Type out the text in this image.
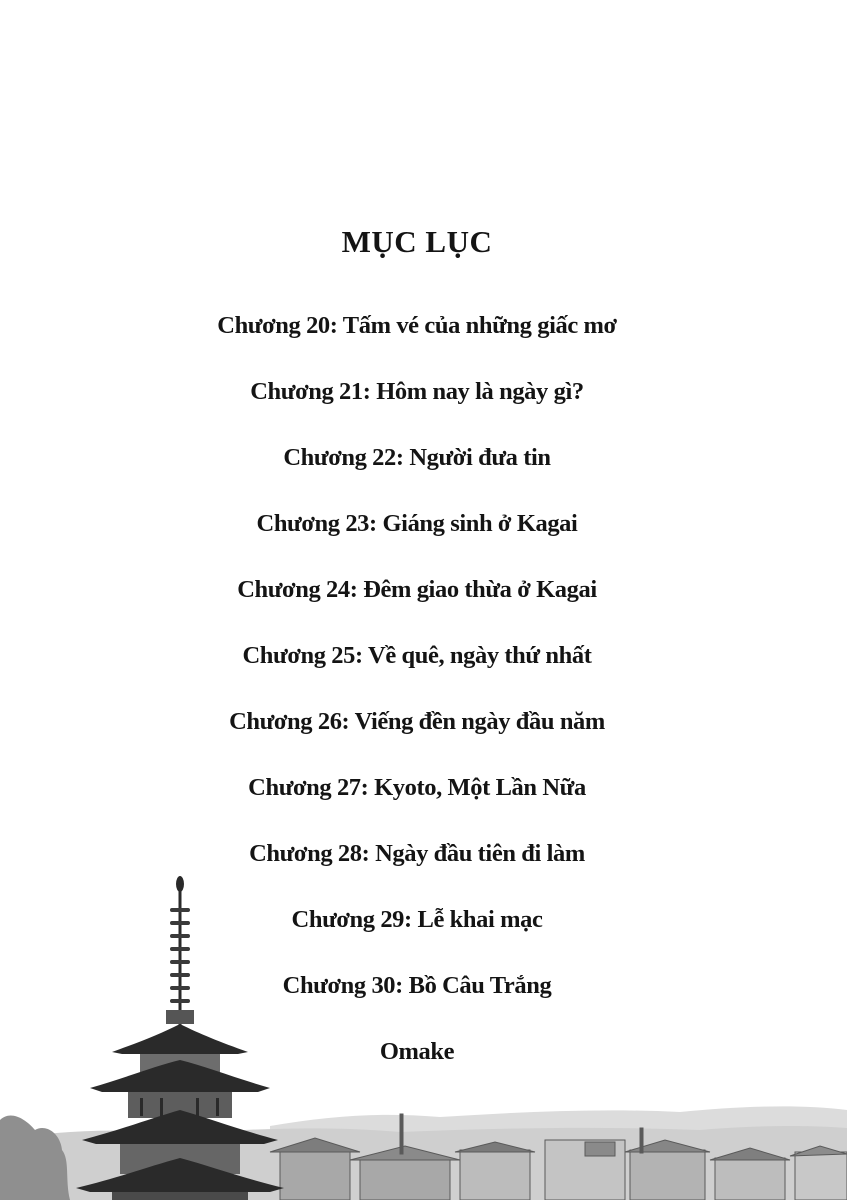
MỤC LỤC
Chương 20: Tấm vé của những giấc mơ
Chương 21: Hôm nay là ngày gì?
Chương 22: Người đưa tin
Chương 23: Giáng sinh ở Kagai
Chương 24: Đêm giao thừa ở Kagai
Chương 25: Về quê, ngày thứ nhất
Chương 26: Viếng đền ngày đầu năm
Chương 27: Kyoto, Một Lần Nữa
Chương 28: Ngày đầu tiên đi làm
Chương 29: Lễ khai mạc
Chương 30: Bồ Câu Trắng
Omake
